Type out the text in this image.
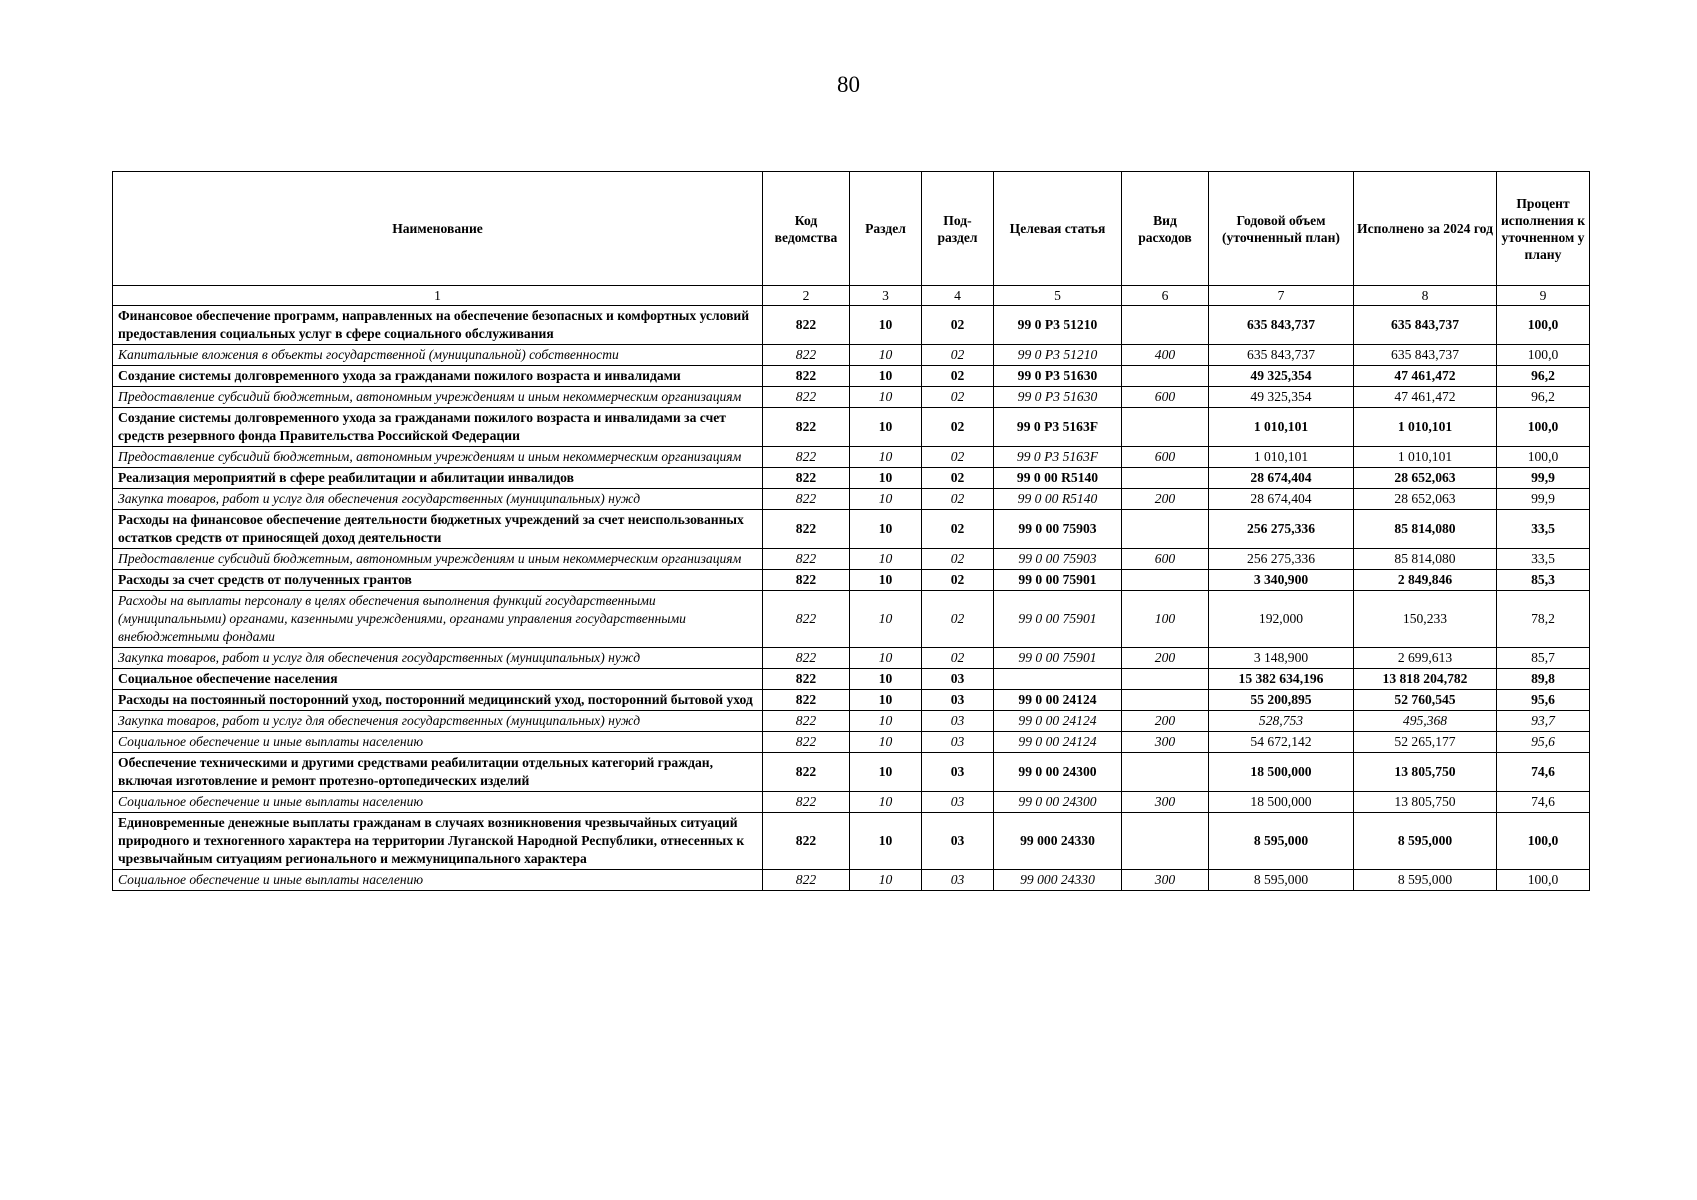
80
Наименование	Код ведомства	Раздел	Под-раздел	Целевая статья	Вид расходов	Годовой объем (уточненный план)	Исполнено за 2024 год	Процент исполнения к уточненном у плану
1	2	3	4	5	6	7	8	9
Финансовое обеспечение программ, направленных на обеспечение безопасных и комфортных условий предоставления социальных услуг в сфере социального обслуживания	822	10	02	99 0 P3 51210		635 843,737	635 843,737	100,0
Капитальные вложения в объекты государственной (муниципальной) собственности	822	10	02	99 0 P3 51210	400	635 843,737	635 843,737	100,0
Создание системы долговременного ухода за гражданами пожилого возраста и инвалидами	822	10	02	99 0 P3 51630		49 325,354	47 461,472	96,2
Предоставление субсидий бюджетным, автономным учреждениям и иным некоммерческим организациям	822	10	02	99 0 P3 51630	600	49 325,354	47 461,472	96,2
Создание системы долговременного ухода за гражданами пожилого возраста и инвалидами за счет средств резервного фонда Правительства Российской Федерации	822	10	02	99 0 P3 5163F		1 010,101	1 010,101	100,0
Предоставление субсидий бюджетным, автономным учреждениям и иным некоммерческим организациям	822	10	02	99 0 P3 5163F	600	1 010,101	1 010,101	100,0
Реализация мероприятий в сфере реабилитации и абилитации инвалидов	822	10	02	99 0 00 R5140		28 674,404	28 652,063	99,9
Закупка товаров, работ и услуг для обеспечения государственных (муниципальных) нужд	822	10	02	99 0 00 R5140	200	28 674,404	28 652,063	99,9
Расходы на финансовое обеспечение деятельности бюджетных учреждений за счет неиспользованных остатков средств от приносящей доход деятельности	822	10	02	99 0 00 75903		256 275,336	85 814,080	33,5
Предоставление субсидий бюджетным, автономным учреждениям и иным некоммерческим организациям	822	10	02	99 0 00 75903	600	256 275,336	85 814,080	33,5
Расходы за счет средств от полученных грантов	822	10	02	99 0 00 75901		3 340,900	2 849,846	85,3
Расходы на выплаты персоналу в целях обеспечения выполнения функций государственными (муниципальными) органами, казенными учреждениями, органами управления государственными внебюджетными фондами	822	10	02	99 0 00 75901	100	192,000	150,233	78,2
Закупка товаров, работ и услуг для обеспечения государственных (муниципальных) нужд	822	10	02	99 0 00 75901	200	3 148,900	2 699,613	85,7
Социальное обеспечение населения	822	10	03			15 382 634,196	13 818 204,782	89,8
Расходы на постоянный посторонний уход, посторонний медицинский уход, посторонний бытовой уход	822	10	03	99 0 00 24124		55 200,895	52 760,545	95,6
Закупка товаров, работ и услуг для обеспечения государственных (муниципальных) нужд	822	10	03	99 0 00 24124	200	528,753	495,368	93,7
Социальное обеспечение и иные выплаты населению	822	10	03	99 0 00 24124	300	54 672,142	52 265,177	95,6
Обеспечение техническими и другими средствами реабилитации отдельных категорий граждан, включая изготовление и ремонт протезно-ортопедических изделий	822	10	03	99 0 00 24300		18 500,000	13 805,750	74,6
Социальное обеспечение и иные выплаты населению	822	10	03	99 0 00 24300	300	18 500,000	13 805,750	74,6
Единовременные денежные выплаты гражданам в случаях возникновения чрезвычайных ситуаций природного и техногенного характера на территории Луганской Народной Республики, отнесенных к чрезвычайным ситуациям регионального и межмуниципального характера	822	10	03	99 000 24330		8 595,000	8 595,000	100,0
Социальное обеспечение и иные выплаты населению	822	10	03	99 000 24330	300	8 595,000	8 595,000	100,0
